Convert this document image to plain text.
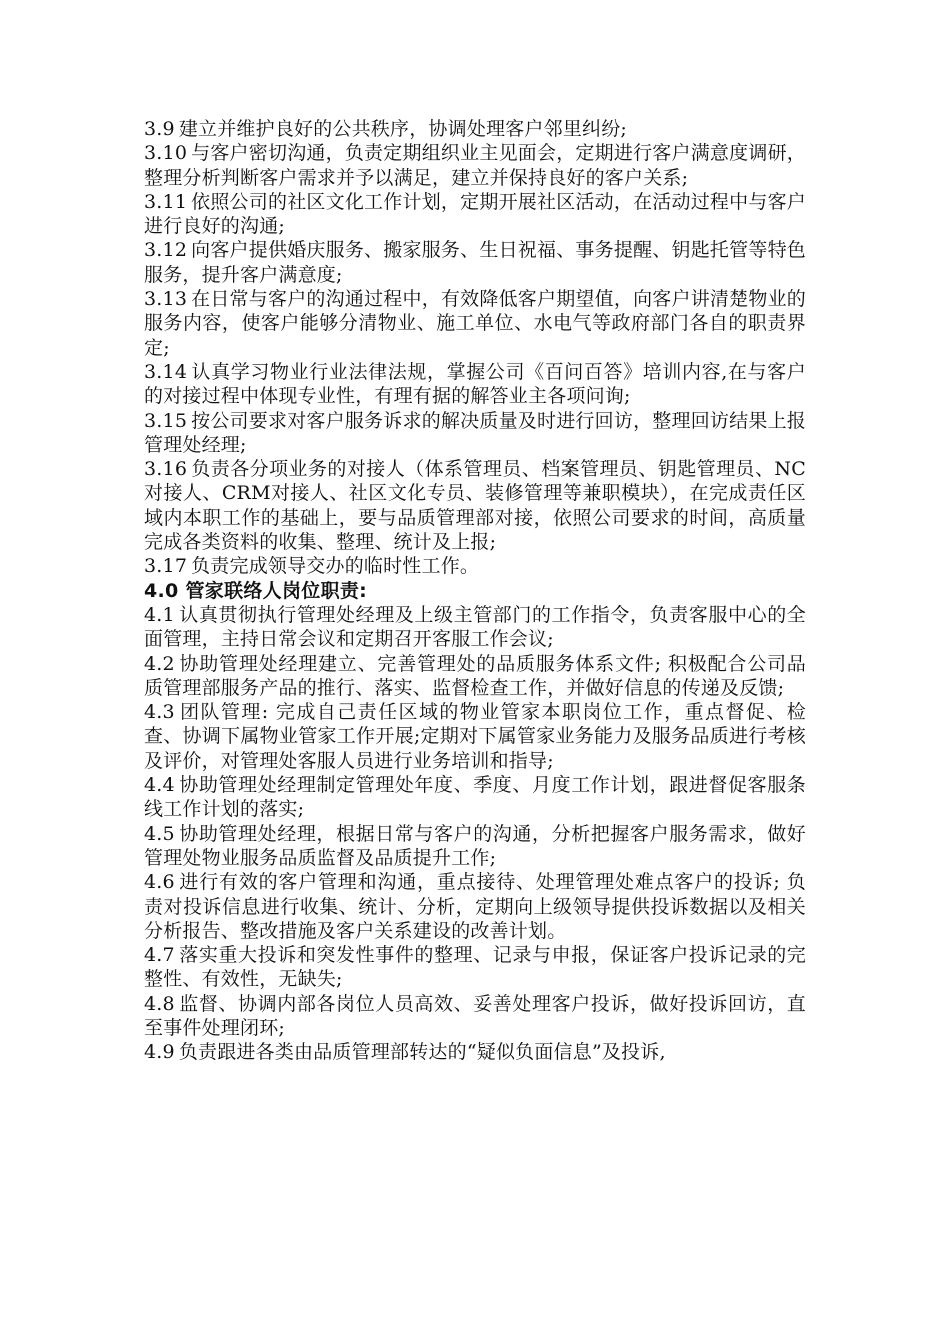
3.9 建立并维护良好的公共秩序，协调处理客户邻里纠纷;

3.10 与客户密切沟通，负责定期组织业主见面会，定期进行客户满意度调研，整理分析判断客户需求并予以满足，建立并保持良好的客户关系;

3.11 依照公司的社区文化工作计划，定期开展社区活动，在活动过程中与客户进行良好的沟通;

3.12 向客户提供婚庆服务、搬家服务、生日祝福、事务提醒、钥匙托管等特色服务，提升客户满意度;

3.13 在日常与客户的沟通过程中，有效降低客户期望值，向客户讲清楚物业的服务内容，使客户能够分清物业、施工单位、水电气等政府部门各自的职责界定;

3.14 认真学习物业行业法律法规，掌握公司《百问百答》培训内容,在与客户的对接过程中体现专业性，有理有据的解答业主各项问询;

3.15 按公司要求对客户服务诉求的解决质量及时进行回访，整理回访结果上报管理处经理;

3.16 负责各分项业务的对接人（体系管理员、档案管理员、钥匙管理员、NC对接人、CRM对接人、社区文化专员、装修管理等兼职模块），在完成责任区域内本职工作的基础上，要与品质管理部对接，依照公司要求的时间，高质量完成各类资料的收集、整理、统计及上报;

3.17 负责完成领导交办的临时性工作。

4.0 管家联络人岗位职责:

4.1 认真贯彻执行管理处经理及上级主管部门的工作指令，负责客服中心的全面管理，主持日常会议和定期召开客服工作会议;

4.2 协助管理处经理建立、完善管理处的品质服务体系文件; 积极配合公司品质管理部服务产品的推行、落实、监督检查工作，并做好信息的传递及反馈;

4.3 团队管理: 完成自己责任区域的物业管家本职岗位工作，重点督促、检查、协调下属物业管家工作开展;定期对下属管家业务能力及服务品质进行考核及评价，对管理处客服人员进行业务培训和指导;

4.4 协助管理处经理制定管理处年度、季度、月度工作计划，跟进督促客服条线工作计划的落实;

4.5 协助管理处经理，根据日常与客户的沟通，分析把握客户服务需求，做好管理处物业服务品质监督及品质提升工作;

4.6 进行有效的客户管理和沟通，重点接待、处理管理处难点客户的投诉; 负责对投诉信息进行收集、统计、分析，定期向上级领导提供投诉数据以及相关分析报告、整改措施及客户关系建设的改善计划。

4.7 落实重大投诉和突发性事件的整理、记录与申报，保证客户投诉记录的完整性、有效性，无缺失;

4.8 监督、协调内部各岗位人员高效、妥善处理客户投诉，做好投诉回访，直至事件处理闭环;

4.9 负责跟进各类由品质管理部转达的“疑似负面信息”及投诉,
